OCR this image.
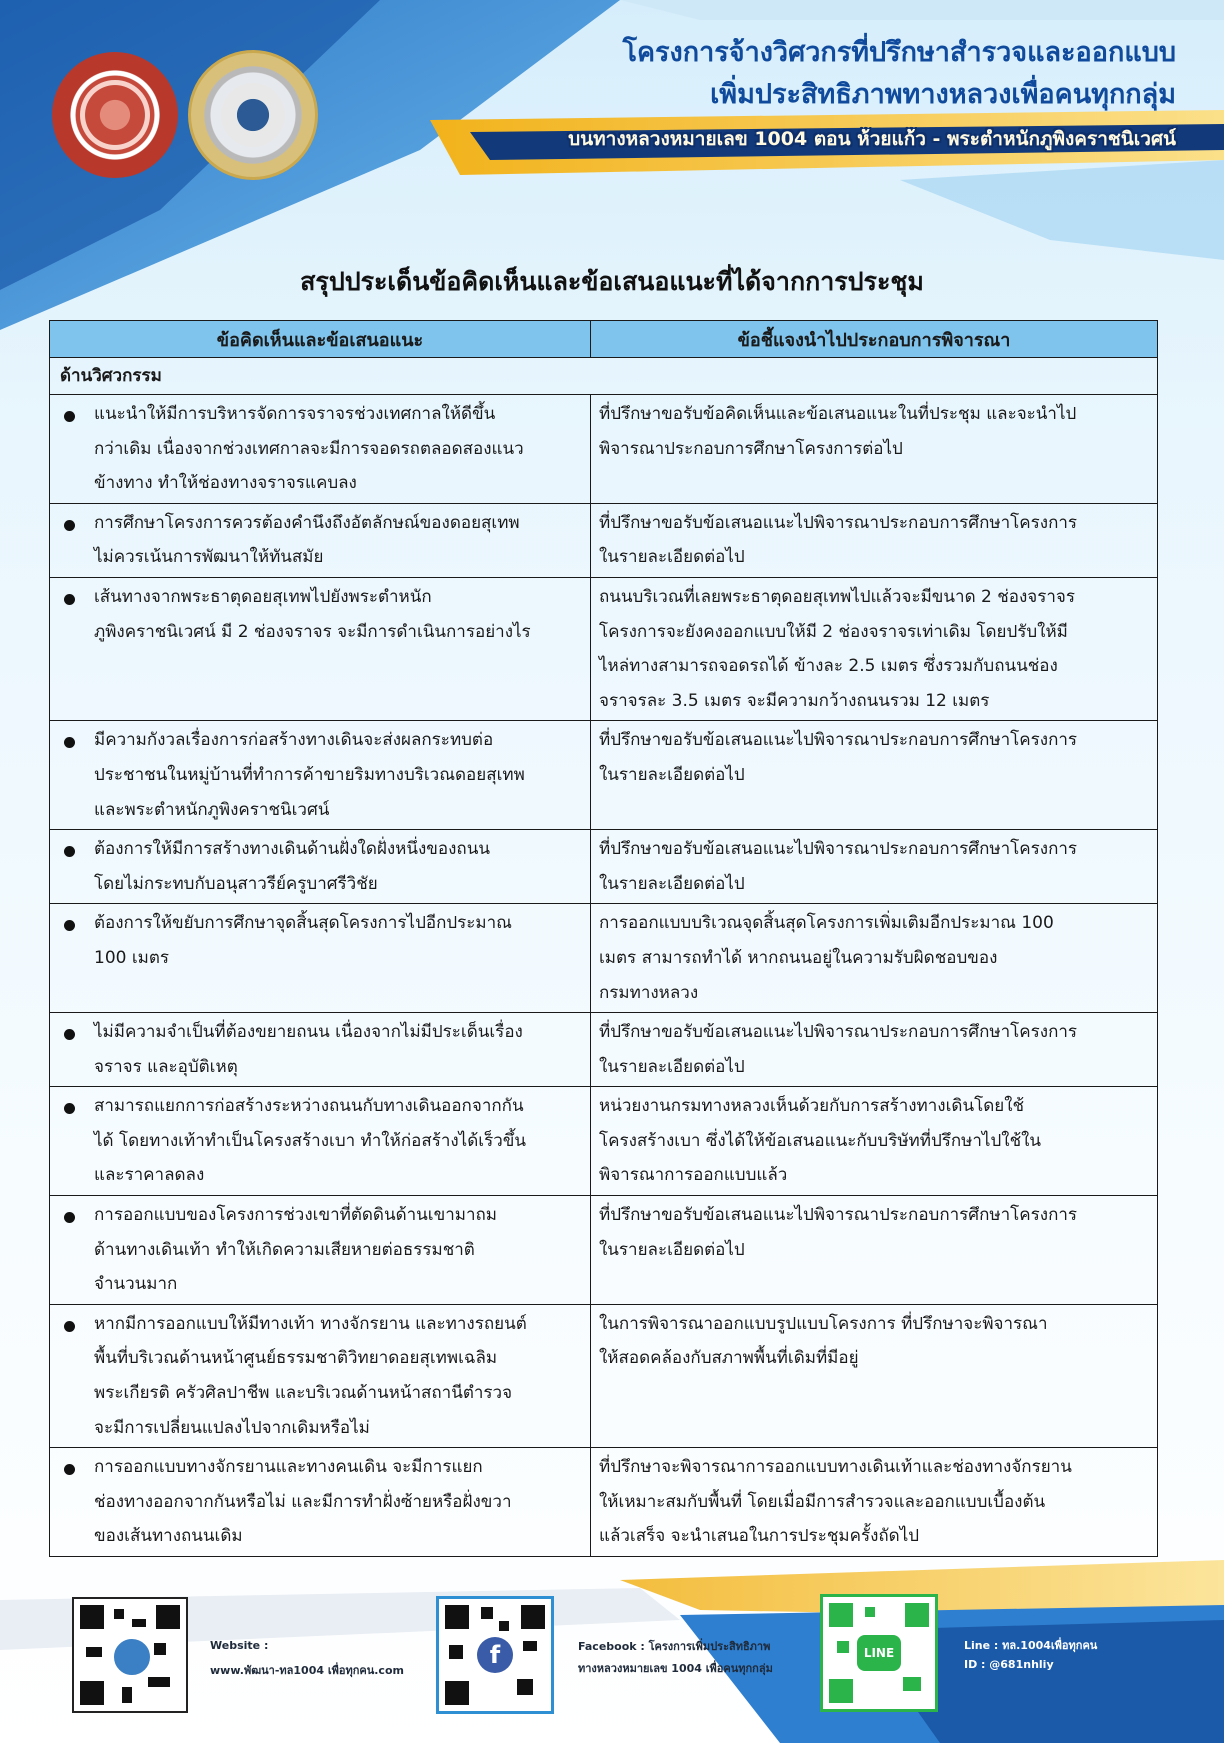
โครงการจ้างวิศวกรที่ปรึกษาสำรวจและออกแบบ
เพิ่มประสิทธิภาพทางหลวงเพื่อคนทุกกลุ่ม
บนทางหลวงหมายเลข 1004 ตอน ห้วยแก้ว - พระตำหนักภูพิงคราชนิเวศน์
สรุปประเด็นข้อคิดเห็นและข้อเสนอแนะที่ได้จากการประชุม
ข้อคิดเห็นและข้อเสนอแนะ	ข้อชี้แจงนำไปประกอบการพิจารณา
ด้านวิศวกรรม	

แนะนำให้มีการบริหารจัดการจราจรช่วงเทศกาลให้ดีขึ้น
กว่าเดิม เนื่องจากช่วงเทศกาลจะมีการจอดรถตลอดสองแนว
ข้างทาง ทำให้ช่องทางจราจรแคบลง	ที่ปรึกษาขอรับข้อคิดเห็นและข้อเสนอแนะในที่ประชุม และจะนำไป
พิจารณาประกอบการศึกษาโครงการต่อไป

การศึกษาโครงการควรต้องคำนึงถึงอัตลักษณ์ของดอยสุเทพ
ไม่ควรเน้นการพัฒนาให้ทันสมัย	ที่ปรึกษาขอรับข้อเสนอแนะไปพิจารณาประกอบการศึกษาโครงการ
ในรายละเอียดต่อไป

เส้นทางจากพระธาตุดอยสุเทพไปยังพระตำหนัก
ภูพิงคราชนิเวศน์ มี 2 ช่องจราจร จะมีการดำเนินการอย่างไร	ถนนบริเวณที่เลยพระธาตุดอยสุเทพไปแล้วจะมีขนาด 2 ช่องจราจร
โครงการจะยังคงออกแบบให้มี 2 ช่องจราจรเท่าเดิม โดยปรับให้มี
ไหล่ทางสามารถจอดรถได้ ข้างละ 2.5 เมตร ซึ่งรวมกับถนนช่อง
จราจรละ 3.5 เมตร จะมีความกว้างถนนรวม 12 เมตร

มีความกังวลเรื่องการก่อสร้างทางเดินจะส่งผลกระทบต่อ
ประชาชนในหมู่บ้านที่ทำการค้าขายริมทางบริเวณดอยสุเทพ
และพระตำหนักภูพิงคราชนิเวศน์	ที่ปรึกษาขอรับข้อเสนอแนะไปพิจารณาประกอบการศึกษาโครงการ
ในรายละเอียดต่อไป

ต้องการให้มีการสร้างทางเดินด้านฝั่งใดฝั่งหนึ่งของถนน
โดยไม่กระทบกับอนุสาวรีย์ครูบาศรีวิชัย	ที่ปรึกษาขอรับข้อเสนอแนะไปพิจารณาประกอบการศึกษาโครงการ
ในรายละเอียดต่อไป

ต้องการให้ขยับการศึกษาจุดสิ้นสุดโครงการไปอีกประมาณ
100 เมตร	การออกแบบบริเวณจุดสิ้นสุดโครงการเพิ่มเติมอีกประมาณ 100
เมตร สามารถทำได้ หากถนนอยู่ในความรับผิดชอบของ
กรมทางหลวง

ไม่มีความจำเป็นที่ต้องขยายถนน เนื่องจากไม่มีประเด็นเรื่อง
จราจร และอุบัติเหตุ	ที่ปรึกษาขอรับข้อเสนอแนะไปพิจารณาประกอบการศึกษาโครงการ
ในรายละเอียดต่อไป

สามารถแยกการก่อสร้างระหว่างถนนกับทางเดินออกจากกัน
ได้ โดยทางเท้าทำเป็นโครงสร้างเบา ทำให้ก่อสร้างได้เร็วขึ้น
และราคาลดลง	หน่วยงานกรมทางหลวงเห็นด้วยกับการสร้างทางเดินโดยใช้
โครงสร้างเบา ซึ่งได้ให้ข้อเสนอแนะกับบริษัทที่ปรึกษาไปใช้ใน
พิจารณาการออกแบบแล้ว

การออกแบบของโครงการช่วงเขาที่ตัดดินด้านเขามาถม
ด้านทางเดินเท้า ทำให้เกิดความเสียหายต่อธรรมชาติ
จำนวนมาก	ที่ปรึกษาขอรับข้อเสนอแนะไปพิจารณาประกอบการศึกษาโครงการ
ในรายละเอียดต่อไป

หากมีการออกแบบให้มีทางเท้า ทางจักรยาน และทางรถยนต์
พื้นที่บริเวณด้านหน้าศูนย์ธรรมชาติวิทยาดอยสุเทพเฉลิม
พระเกียรติ ครัวศิลปาชีพ และบริเวณด้านหน้าสถานีตำรวจ
จะมีการเปลี่ยนแปลงไปจากเดิมหรือไม่	ในการพิจารณาออกแบบรูปแบบโครงการ ที่ปรึกษาจะพิจารณา
ให้สอดคล้องกับสภาพพื้นที่เดิมที่มีอยู่

การออกแบบทางจักรยานและทางคนเดิน จะมีการแยก
ช่องทางออกจากกันหรือไม่ และมีการทำฝั่งซ้ายหรือฝั่งขวา
ของเส้นทางถนนเดิม	ที่ปรึกษาจะพิจารณาการออกแบบทางเดินเท้าและช่องทางจักรยาน
ให้เหมาะสมกับพื้นที่ โดยเมื่อมีการสำรวจและออกแบบเบื้องต้น
แล้วเสร็จ จะนำเสนอในการประชุมครั้งถัดไป
Website :
www.พัฒนา-ทล1004 เพื่อทุกคน.com
f	Facebook : โครงการเพิ่มประสิทธิภาพ
ทางหลวงหมายเลข 1004 เพื่อคนทุกกลุ่ม
LINE
Line : ทล.1004เพื่อทุกคน
ID : @681nhliy
